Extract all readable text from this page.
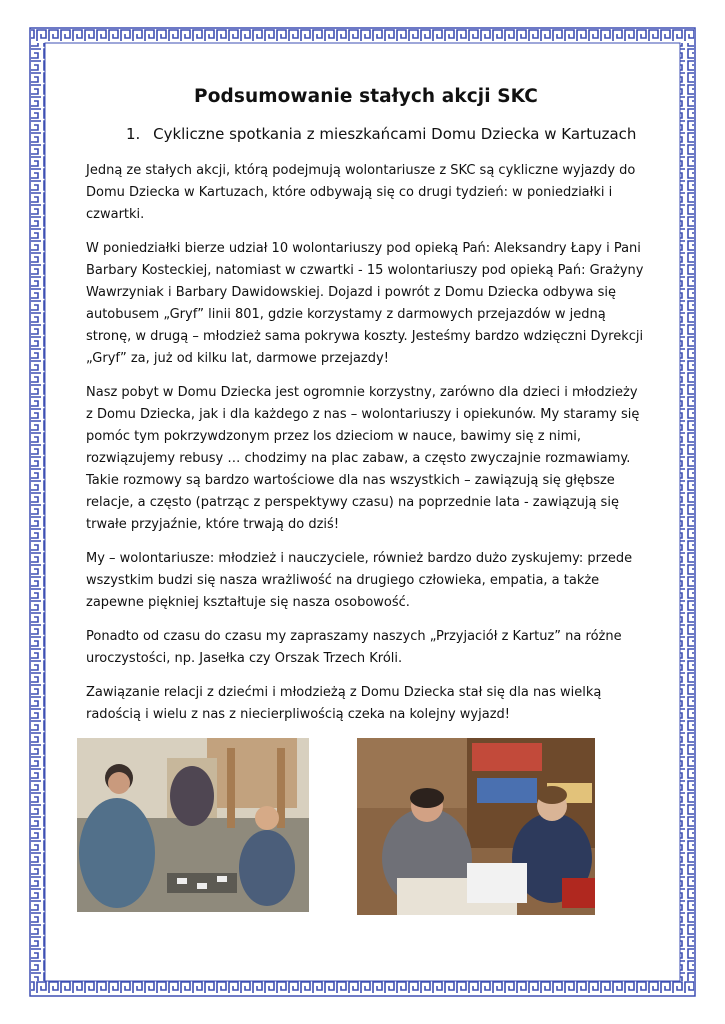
Podsumowanie stałych akcji SKC
1. Cykliczne spotkania z mieszkańcami Domu Dziecka w Kartuzach

Jedną ze stałych akcji, którą podejmują wolontariusze z SKC są cykliczne wyjazdy do Domu Dziecka w Kartuzach, które odbywają się co drugi tydzień: w poniedziałki i czwartki.

W poniedziałki bierze udział 10 wolontariuszy pod opieką Pań: Aleksandry Łapy i Pani Barbary Kosteckiej, natomiast w czwartki - 15 wolontariuszy pod opieką Pań: Grażyny Wawrzyniak i Barbary Dawidowskiej. Dojazd i powrót z Domu Dziecka odbywa się autobusem „Gryf” linii 801, gdzie korzystamy z darmowych przejazdów w jedną stronę, w drugą – młodzież sama pokrywa koszty. Jesteśmy bardzo wdzięczni Dyrekcji „Gryf” za, już od kilku lat, darmowe przejazdy!

Nasz pobyt w Domu Dziecka jest ogromnie korzystny, zarówno dla dzieci i młodzieży z Domu Dziecka, jak i dla każdego z nas – wolontariuszy i opiekunów. My staramy się pomóc tym pokrzywdzonym przez los dzieciom w nauce, bawimy się z nimi, rozwiązujemy rebusy … chodzimy na plac zabaw, a często zwyczajnie rozmawiamy. Takie rozmowy są bardzo wartościowe dla nas wszystkich – zawiązują się głębsze relacje, a często (patrząc z perspektywy czasu) na poprzednie lata - zawiązują się trwałe przyjaźnie, które trwają do dziś!

My – wolontariusze: młodzież i nauczyciele, również bardzo dużo zyskujemy: przede wszystkim budzi się nasza wrażliwość na drugiego człowieka, empatia, a także zapewne piękniej kształtuje się nasza osobowość.

Ponadto od czasu do czasu my zapraszamy naszych „Przyjaciół z Kartuz” na różne uroczystości, np. Jasełka czy Orszak Trzech Króli.

Zawiązanie relacji z dziećmi i młodzieżą z Domu Dziecka stał się dla nas wielką radością i wielu z nas z niecierpliwością czeka na kolejny wyjazd!
